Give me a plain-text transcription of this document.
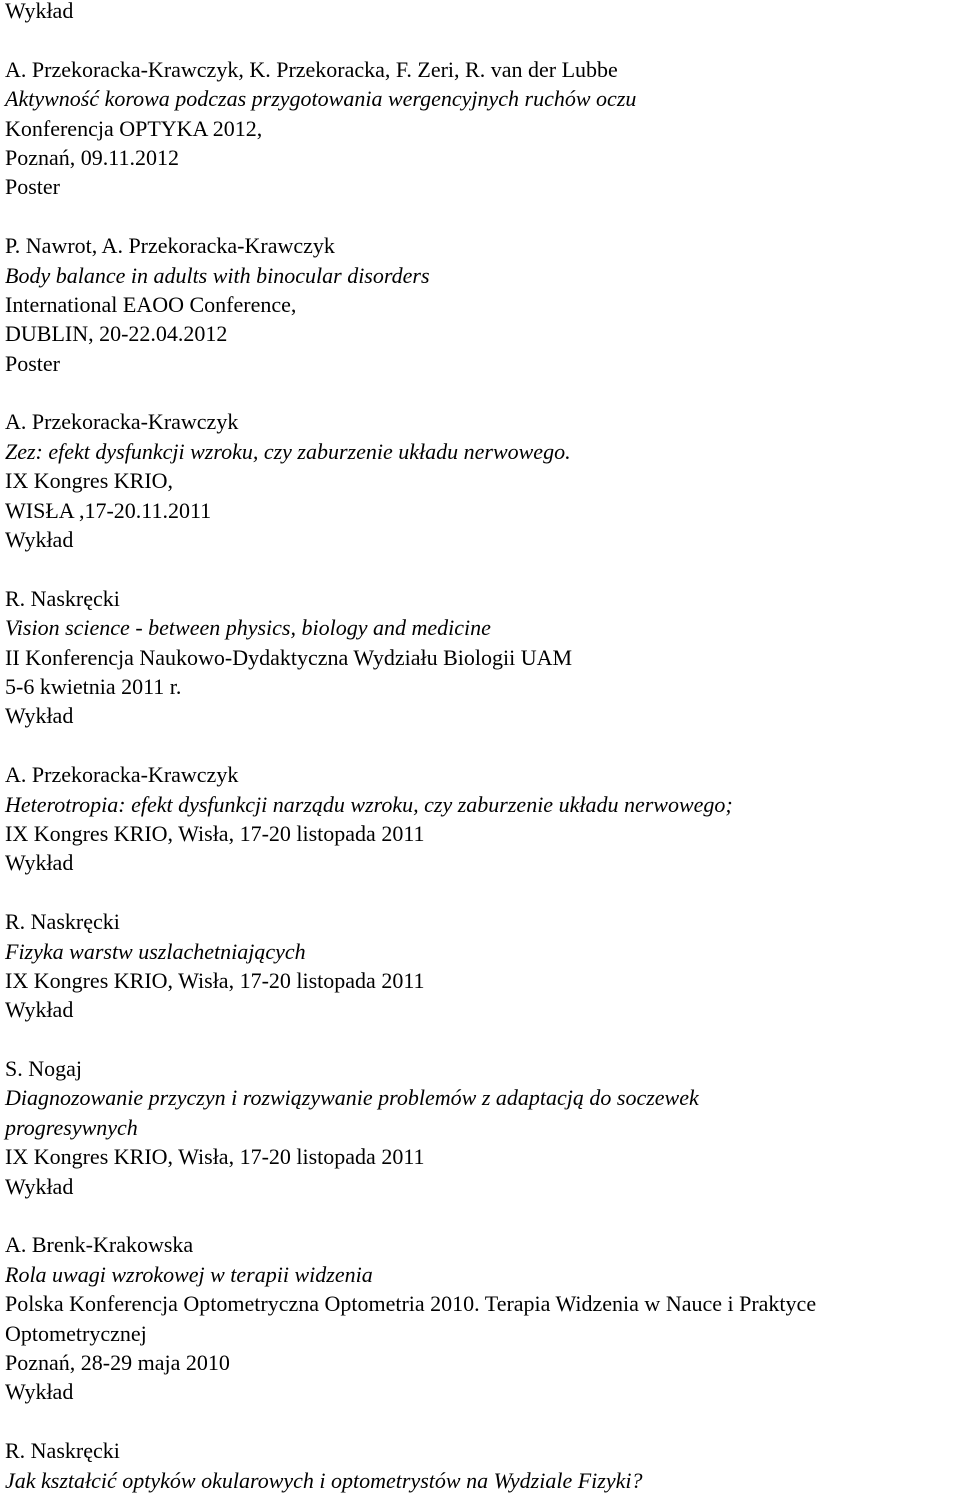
Wykład
A. Przekoracka-Krawczyk, K. Przekoracka, F. Zeri, R. van der Lubbe
Aktywność korowa podczas przygotowania wergencyjnych ruchów oczu
Konferencja OPTYKA 2012,
Poznań, 09.11.2012
Poster
P. Nawrot, A. Przekoracka-Krawczyk
Body balance in adults with binocular disorders
International EAOO Conference,
DUBLIN, 20-22.04.2012
Poster
A. Przekoracka-Krawczyk
Zez: efekt dysfunkcji wzroku, czy zaburzenie układu nerwowego.
IX Kongres KRIO,
WISŁA ,17-20.11.2011
Wykład
R. Naskręcki
Vision science - between physics, biology and medicine
II Konferencja Naukowo-Dydaktyczna Wydziału Biologii UAM
5-6 kwietnia 2011 r.
Wykład
A. Przekoracka-Krawczyk
Heterotropia: efekt dysfunkcji narządu wzroku, czy zaburzenie układu nerwowego;
IX Kongres KRIO, Wisła, 17-20 listopada 2011
Wykład
R. Naskręcki
Fizyka warstw uszlachetniających
IX Kongres KRIO, Wisła, 17-20 listopada 2011
Wykład
S. Nogaj
Diagnozowanie przyczyn i rozwiązywanie problemów z adaptacją do soczewek
progresywnych
IX Kongres KRIO, Wisła, 17-20 listopada 2011
Wykład
A. Brenk-Krakowska
Rola uwagi wzrokowej w terapii widzenia
Polska Konferencja Optometryczna Optometria 2010. Terapia Widzenia w Nauce i Praktyce
Optometrycznej
Poznań, 28-29 maja 2010
Wykład
R. Naskręcki
Jak kształcić optyków okularowych i optometrystów na Wydziale Fizyki?
